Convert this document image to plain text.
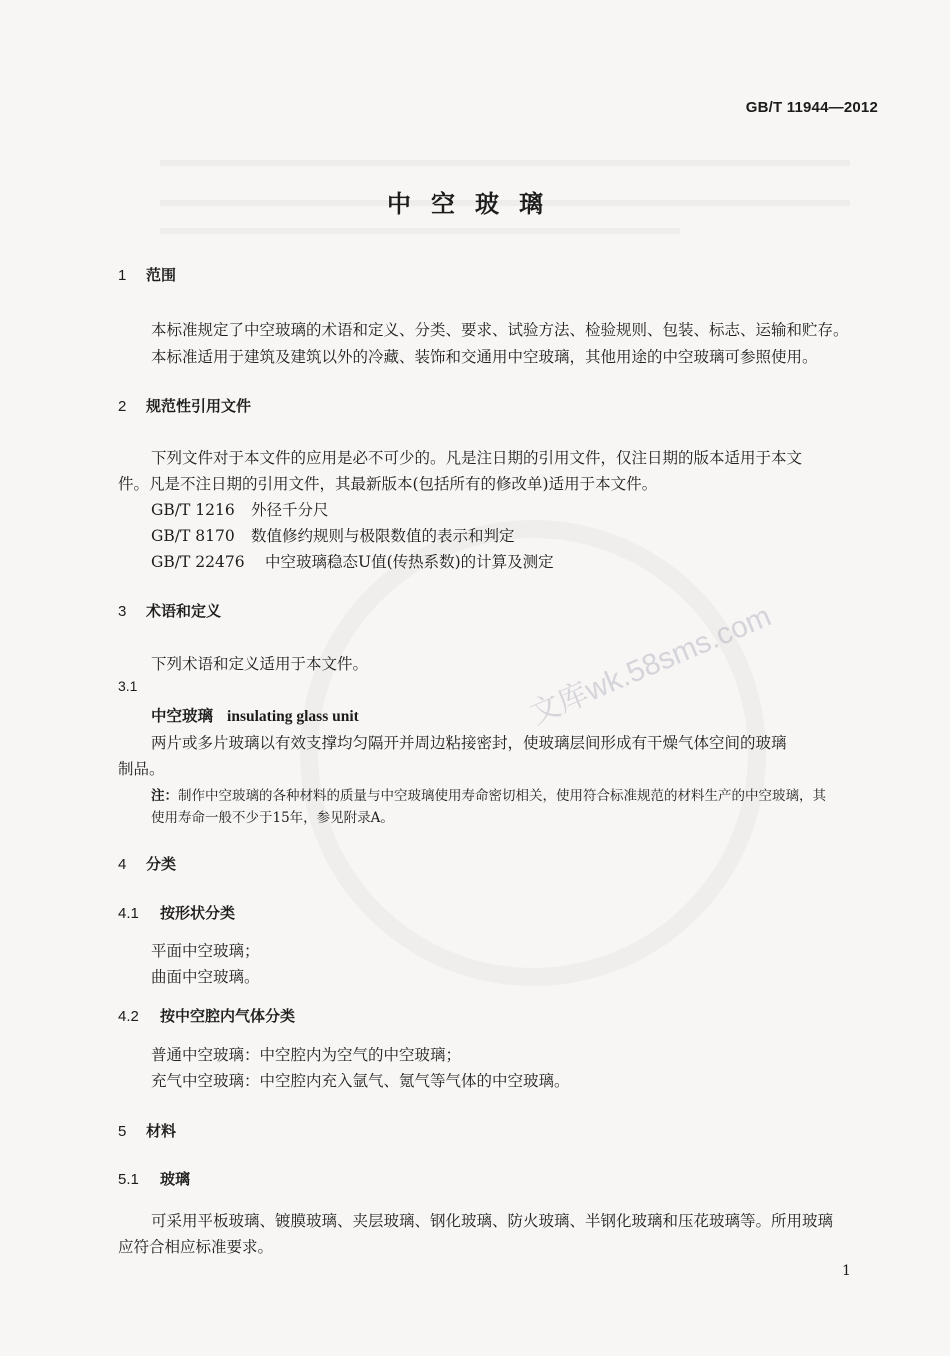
GB/T 11944—2012
中空玻璃
1 范围
本标准规定了中空玻璃的术语和定义、分类、要求、试验方法、检验规则、包装、标志、运输和贮存。
本标准适用于建筑及建筑以外的冷藏、装饰和交通用中空玻璃，其他用途的中空玻璃可参照使用。
2 规范性引用文件
下列文件对于本文件的应用是必不可少的。凡是注日期的引用文件，仅注日期的版本适用于本文
件。凡是不注日期的引用文件，其最新版本(包括所有的修改单)适用于本文件。
GB/T 1216 外径千分尺
GB/T 8170 数值修约规则与极限数值的表示和判定
GB/T 22476 中空玻璃稳态U值(传热系数)的计算及测定
3 术语和定义
下列术语和定义适用于本文件。
3.1
中空玻璃 insulating glass unit
两片或多片玻璃以有效支撑均匀隔开并周边粘接密封，使玻璃层间形成有干燥气体空间的玻璃
制品。
注：制作中空玻璃的各种材料的质量与中空玻璃使用寿命密切相关，使用符合标准规范的材料生产的中空玻璃，其
使用寿命一般不少于15年，参见附录A。
4 分类
4.1 按形状分类
平面中空玻璃；
曲面中空玻璃。
4.2 按中空腔内气体分类
普通中空玻璃：中空腔内为空气的中空玻璃；
充气中空玻璃：中空腔内充入氩气、氪气等气体的中空玻璃。
5 材料
5.1 玻璃
可采用平板玻璃、镀膜玻璃、夹层玻璃、钢化玻璃、防火玻璃、半钢化玻璃和压花玻璃等。所用玻璃
应符合相应标准要求。
1
文库wk.58sms.com
